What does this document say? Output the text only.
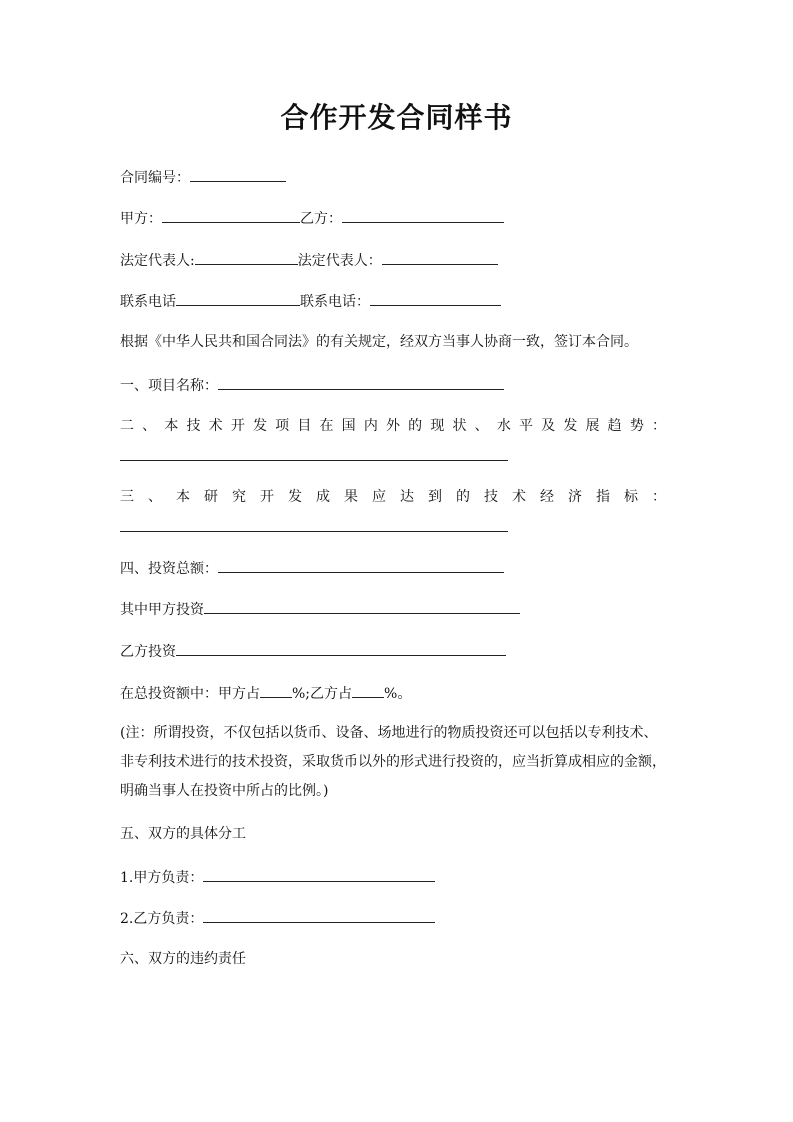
合作开发合同样书
合同编号：
甲方：	乙方：
法定代表人:	法定代表人：
联系电话	联系电话：
根据《中华人民共和国合同法》的有关规定，经双方当事人协商一致，签订本合同。
一、项目名称：
二、本技术开发项目在国内外的现状、水平及发展趋势：
三、本研究开发成果应达到的技术经济指标：
四、投资总额：
其中甲方投资
乙方投资
在总投资额中：甲方占 %;乙方占 %。
(注：所谓投资，不仅包括以货币、设备、场地进行的物质投资还可以包括以专利技术、非专利技术进行的技术投资，采取货币以外的形式进行投资的，应当折算成相应的金额，明确当事人在投资中所占的比例。)
五、双方的具体分工
1.甲方负责：
2.乙方负责：
六、双方的违约责任
